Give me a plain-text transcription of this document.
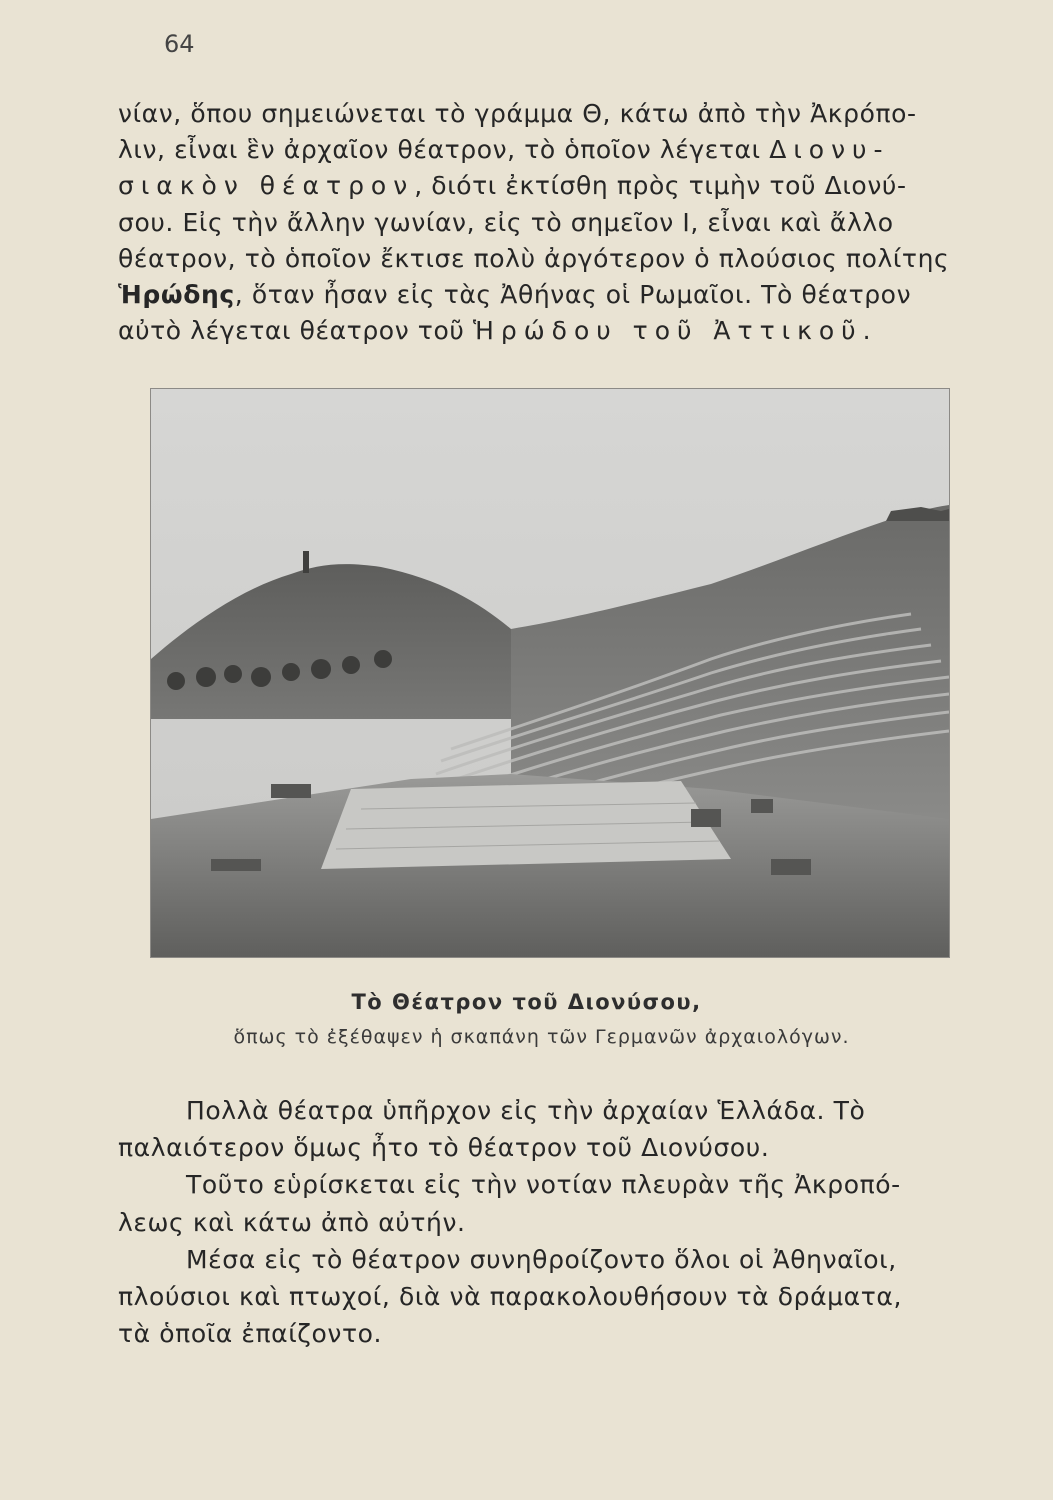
64
νίαν, ὅπου σημειώνεται τὸ γράμμα Θ, κάτω ἀπὸ τὴν Ἀκρόπο-
λιν, εἶναι ἓν ἀρχαῖον θέατρον, τὸ ὁποῖον λέγεται Διονυ-
σιακὸν θέατρον, διότι ἐκτίσθη πρὸς τιμὴν τοῦ Διονύ-
σου. Εἰς τὴν ἄλλην γωνίαν, εἰς τὸ σημεῖον Ι, εἶναι καὶ ἄλλο
θέατρον, τὸ ὁποῖον ἔκτισε πολὺ ἀργότερον ὁ πλούσιος πολίτης
Ἡρώδης, ὅταν ἦσαν εἰς τὰς Ἀθήνας οἱ Ρωμαῖοι. Τὸ θέατρον
αὐτὸ λέγεται θέατρον τοῦ Ἡρώδου τοῦ Ἀττικοῦ.
Τὸ Θέατρον τοῦ Διονύσου,
ὅπως τὸ ἐξέθαψεν ἡ σκαπάνη τῶν Γερμανῶν ἀρχαιολόγων.

Πολλὰ θέατρα ὑπῆρχον εἰς τὴν ἀρχαίαν Ἑλλάδα. Τὸ
παλαιότερον ὅμως ἦτο τὸ θέατρον τοῦ Διονύσου.

Τοῦτο εὑρίσκεται εἰς τὴν νοτίαν πλευρὰν τῆς Ἀκροπό-
λεως καὶ κάτω ἀπὸ αὐτήν.

Μέσα εἰς τὸ θέατρον συνηθροίζοντο ὅλοι οἱ Ἀθηναῖοι,
πλούσιοι καὶ πτωχοί, διὰ νὰ παρακολουθήσουν τὰ δράματα,
τὰ ὁποῖα ἐπαίζοντο.
